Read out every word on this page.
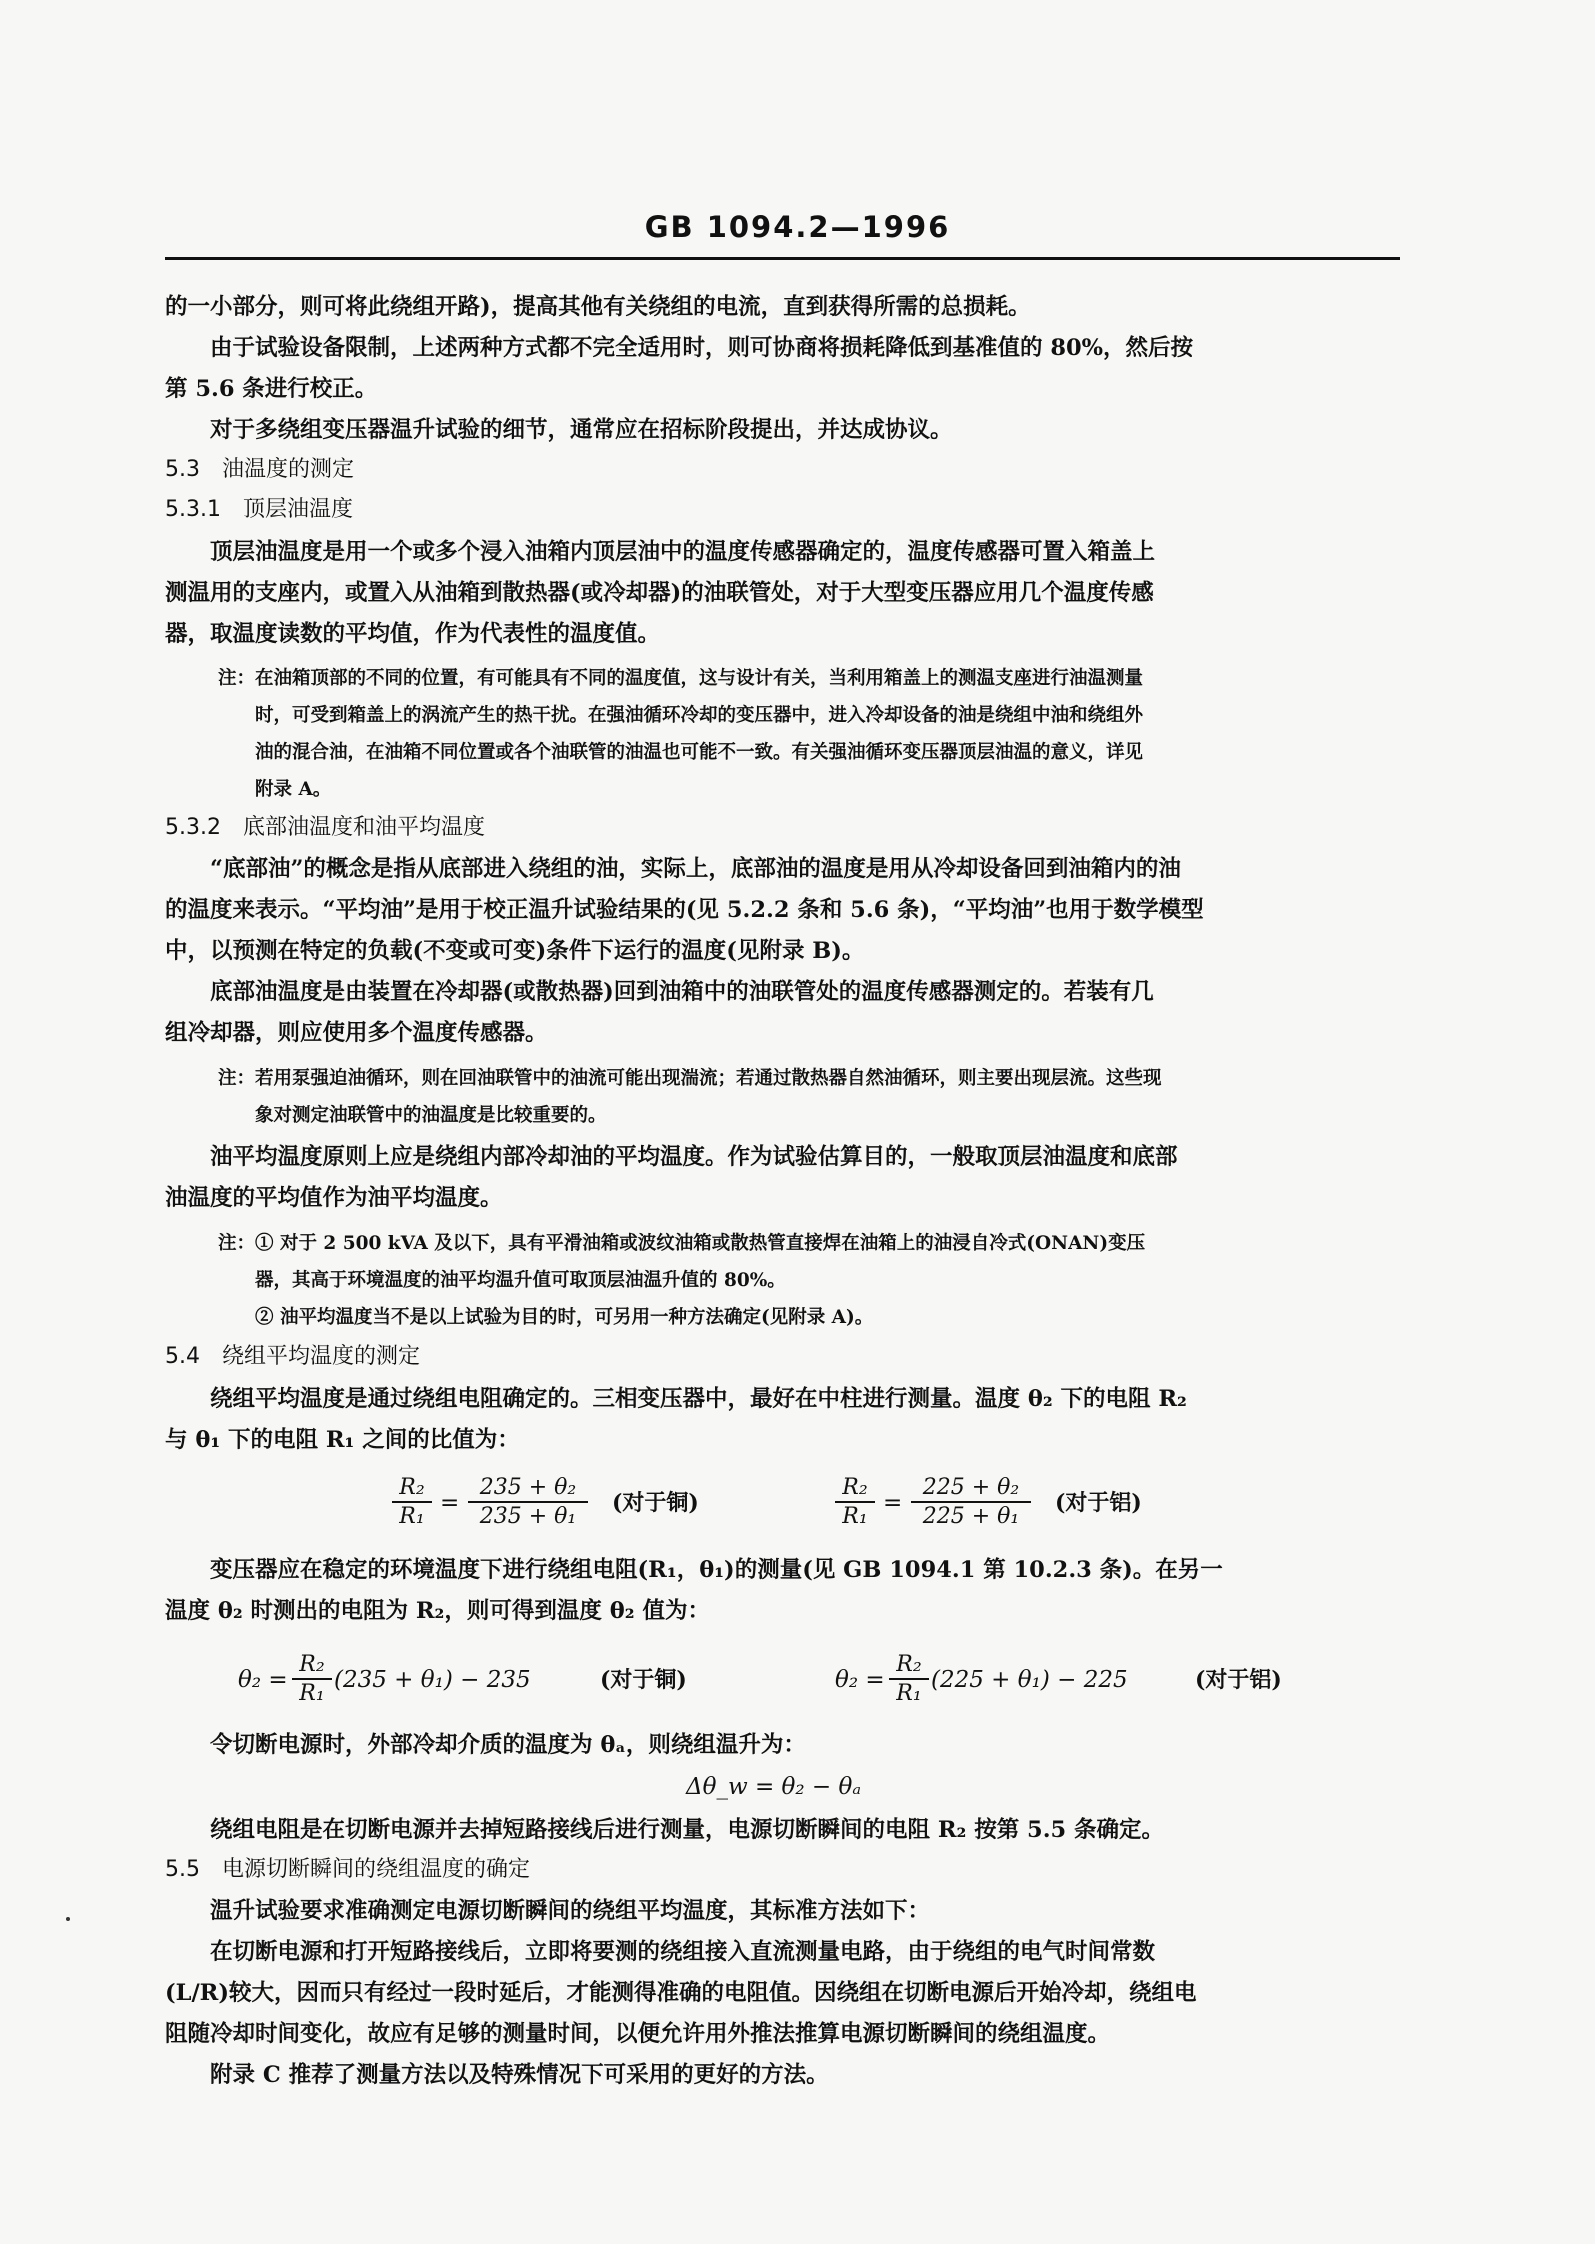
GB 1094.2—1996
的一小部分，则可将此绕组开路)，提高其他有关绕组的电流，直到获得所需的总损耗。
由于试验设备限制，上述两种方式都不完全适用时，则可协商将损耗降低到基准值的 80%，然后按
第 5.6 条进行校正。
对于多绕组变压器温升试验的细节，通常应在招标阶段提出，并达成协议。
5.3　油温度的测定
5.3.1　顶层油温度
顶层油温度是用一个或多个浸入油箱内顶层油中的温度传感器确定的，温度传感器可置入箱盖上
测温用的支座内，或置入从油箱到散热器(或冷却器)的油联管处，对于大型变压器应用几个温度传感
器，取温度读数的平均值，作为代表性的温度值。
注：在油箱顶部的不同的位置，有可能具有不同的温度值，这与设计有关，当利用箱盖上的测温支座进行油温测量
时，可受到箱盖上的涡流产生的热干扰。在强油循环冷却的变压器中，进入冷却设备的油是绕组中油和绕组外
油的混合油，在油箱不同位置或各个油联管的油温也可能不一致。有关强油循环变压器顶层油温的意义，详见
附录 A。
5.3.2　底部油温度和油平均温度
“底部油”的概念是指从底部进入绕组的油，实际上，底部油的温度是用从冷却设备回到油箱内的油
的温度来表示。“平均油”是用于校正温升试验结果的(见 5.2.2 条和 5.6 条)，“平均油”也用于数学模型
中，以预测在特定的负载(不变或可变)条件下运行的温度(见附录 B)。
底部油温度是由装置在冷却器(或散热器)回到油箱中的油联管处的温度传感器测定的。若装有几
组冷却器，则应使用多个温度传感器。
注：若用泵强迫油循环，则在回油联管中的油流可能出现湍流；若通过散热器自然油循环，则主要出现层流。这些现
象对测定油联管中的油温度是比较重要的。
油平均温度原则上应是绕组内部冷却油的平均温度。作为试验估算目的，一般取顶层油温度和底部
油温度的平均值作为油平均温度。
注：① 对于 2 500 kVA 及以下，具有平滑油箱或波纹油箱或散热管直接焊在油箱上的油浸自冷式(ONAN)变压
器，其高于环境温度的油平均温升值可取顶层油温升值的 80%。
② 油平均温度当不是以上试验为目的时，可另用一种方法确定(见附录 A)。
5.4　绕组平均温度的测定
绕组平均温度是通过绕组电阻确定的。三相变压器中，最好在中柱进行测量。温度 θ₂ 下的电阻 R₂
与 θ₁ 下的电阻 R₁ 之间的比值为：
$\frac{\text{R₂}}{\text{R₁}} = \frac{\text{235 + θ₂}}{\text{235 + θ₁}}$ (对于铜)	$\frac{\text{R₂}}{\text{R₁}} = \frac{\text{225 + θ₂}}{\text{225 + θ₁}}$ (对于铝)
变压器应在稳定的环境温度下进行绕组电阻(R₁，θ₁)的测量(见 GB 1094.1 第 10.2.3 条)。在另一
温度 θ₂ 时测出的电阻为 R₂，则可得到温度 θ₂ 值为：
$\theta_2 = \frac{\text{R₂}}{\text{R₁}} (235 + \theta_1) - 235$	(对于铜)	$\theta_2 = \frac{\text{R₂}}{\text{R₁}} (225 + \theta_1) - 225$	(对于铝)
令切断电源时，外部冷却介质的温度为 θₐ，则绕组温升为：
Δθ_w = θ₂ − θₐ
绕组电阻是在切断电源并去掉短路接线后进行测量，电源切断瞬间的电阻 R₂ 按第 5.5 条确定。
5.5　电源切断瞬间的绕组温度的确定
温升试验要求准确测定电源切断瞬间的绕组平均温度，其标准方法如下：
在切断电源和打开短路接线后，立即将要测的绕组接入直流测量电路，由于绕组的电气时间常数
(L/R)较大，因而只有经过一段时延后，才能测得准确的电阻值。因绕组在切断电源后开始冷却，绕组电
阻随冷却时间变化，故应有足够的测量时间，以便允许用外推法推算电源切断瞬间的绕组温度。
附录 C 推荐了测量方法以及特殊情况下可采用的更好的方法。
